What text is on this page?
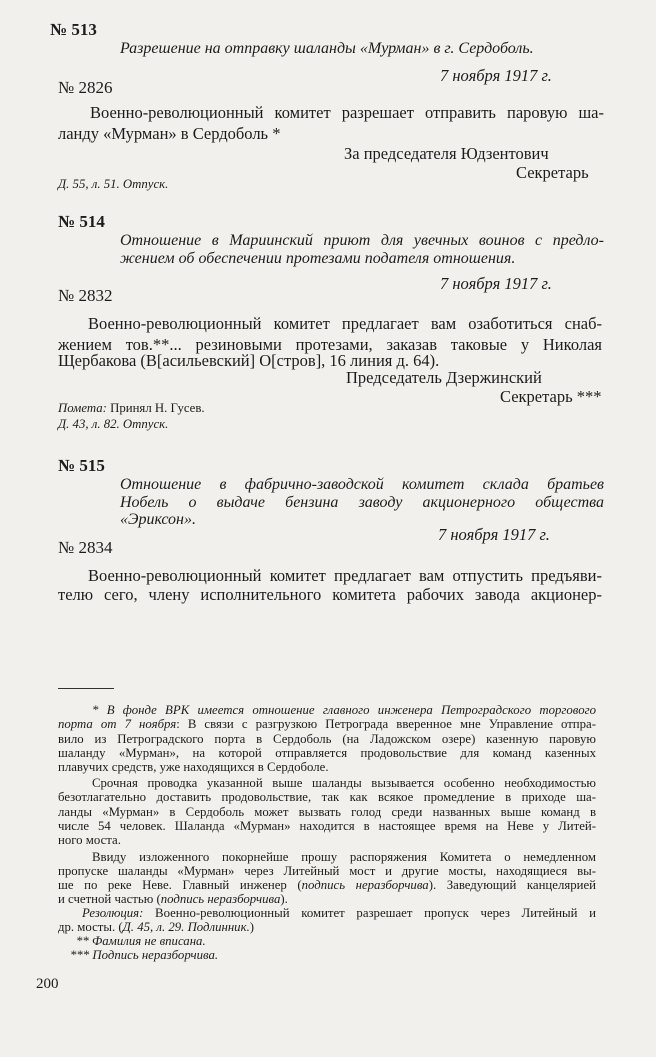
№ 513
Разрешение на отправку шаланды «Мурман» в г. Сердоболь.
7 ноября 1917 г.
№ 2826
Военно-революционный комитет разрешает отправить паровую ша-
ланду «Мурман» в Сердоболь *
За председателя Юдзентович
Секретарь
Д. 55, л. 51. Отпуск.
№ 514
Отношение в Мариинский приют для увечных воинов с предло-
жением об обеспечении протезами подателя отношения.
7 ноября 1917 г.
№ 2832
Военно-революционный комитет предлагает вам озаботиться снаб-
жением тов.**... резиновыми протезами, заказав таковые у Николая
Щербакова (В[асильевский] О[стров], 16 линия д. 64).
Председатель Дзержинский
Секретарь ***
Помета: Принял Н. Гусев.
Д. 43, л. 82. Отпуск.
№ 515
Отношение в фабрично-заводской комитет склада братьев
Нобель о выдаче бензина заводу акционерного общества
«Эриксон».
7 ноября 1917 г.
№ 2834
Военно-революционный комитет предлагает вам отпустить предъяви-
телю сего, члену исполнительного комитета рабочих завода акционер-
* В фонде ВРК имеется отношение главного инженера Петроградского торгового
порта от 7 ноября: В связи с разгрузкою Петрограда вверенное мне Управление отпра-
вило из Петроградского порта в Сердоболь (на Ладожском озере) казенную паровую
шаланду «Мурман», на которой отправляется продовольствие для команд казенных
плавучих средств, уже находящихся в Сердоболе.
Срочная проводка указанной выше шаланды вызывается особенно необходимостью
безотлагательно доставить продовольствие, так как всякое промедление в приходе ша-
ланды «Мурман» в Сердоболь может вызвать голод среди названных выше команд в
числе 54 человек. Шаланда «Мурман» находится в настоящее время на Неве у Литей-
ного моста.
Ввиду изложенного покорнейше прошу распоряжения Комитета о немедленном
пропуске шаланды «Мурман» через Литейный мост и другие мосты, находящиеся вы-
ше по реке Неве. Главный инженер (подпись неразборчива). Заведующий канцелярией
и счетной частью (подпись неразборчива).
Резолюция: Военно-революционный комитет разрешает пропуск через Литейный и
др. мосты. (Д. 45, л. 29. Подлинник.)
** Фамилия не вписана.
*** Подпись неразборчива.
200
